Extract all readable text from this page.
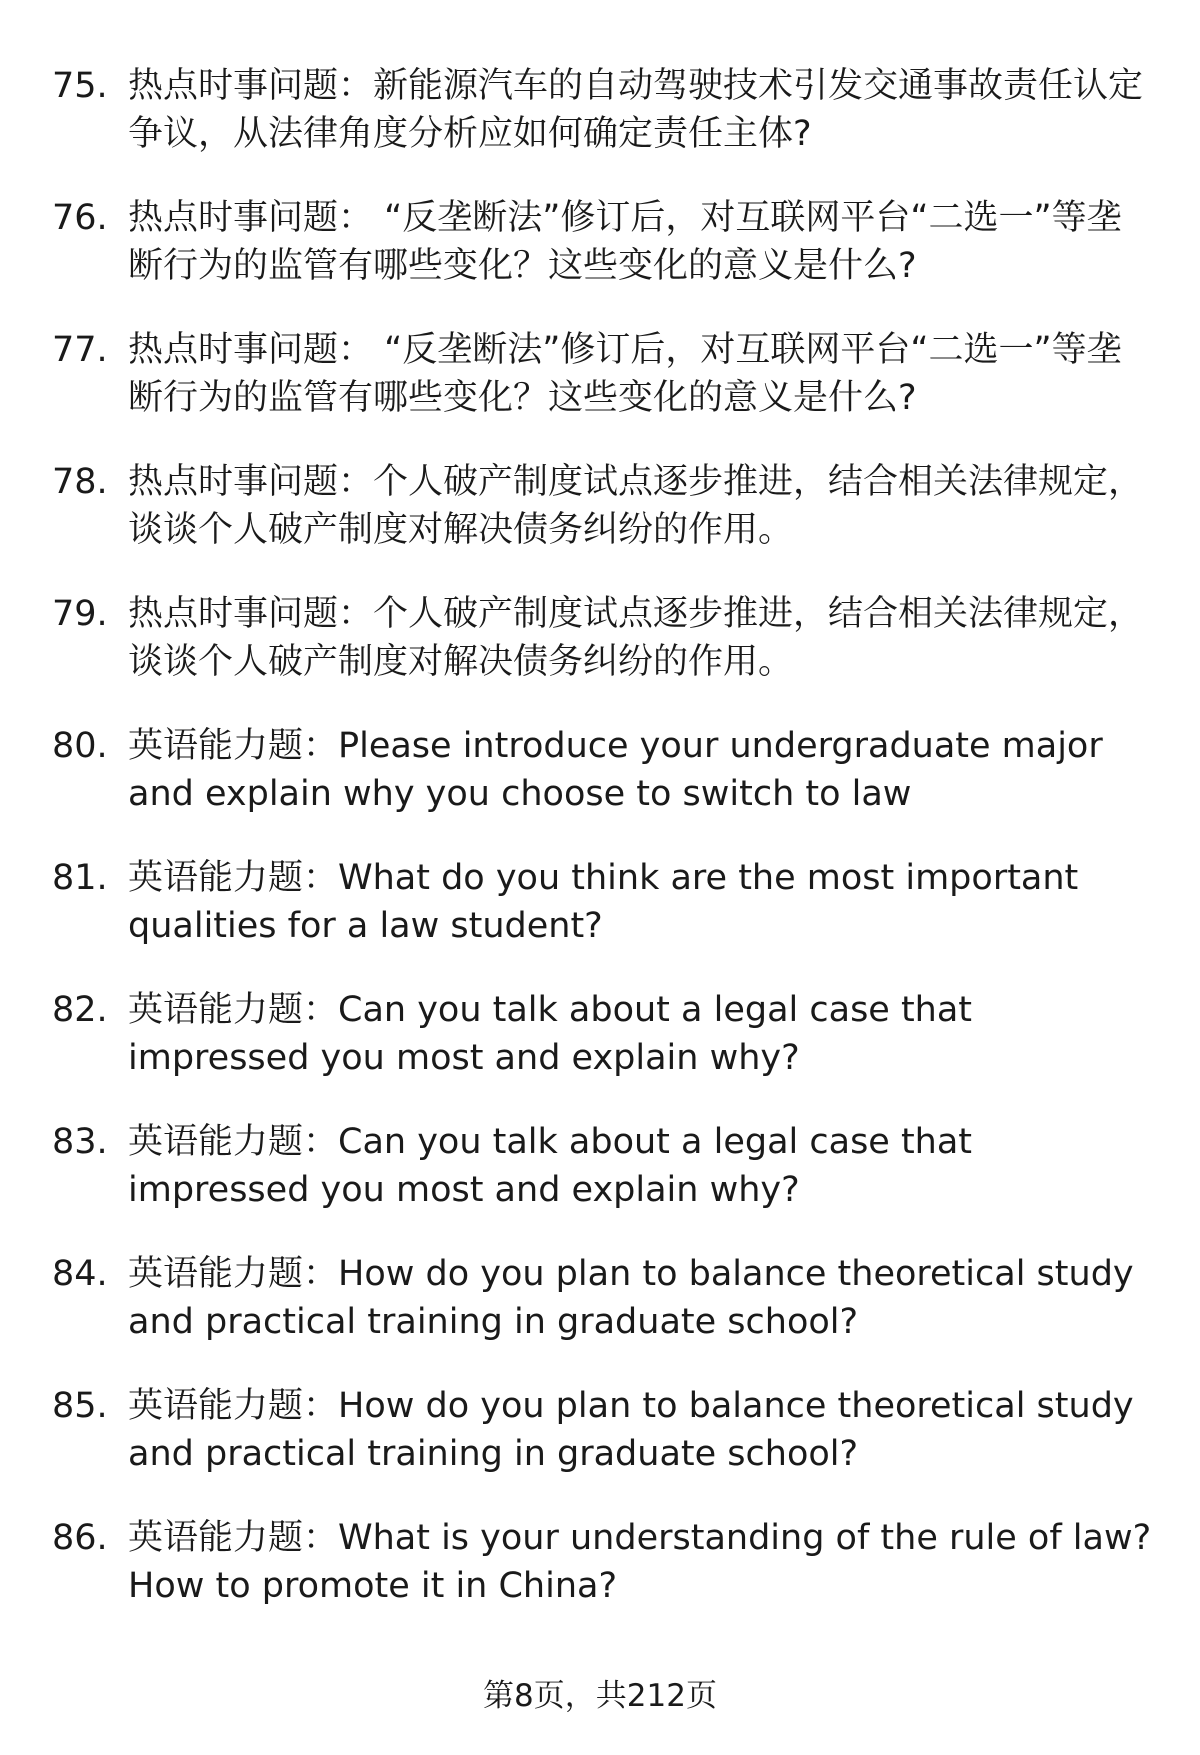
75. 热点时事问题：新能源汽车的自动驾驶技术引发交通事故责任认定争议，从法律角度分析应如何确定责任主体?
76. 热点时事问题： “反垄断法”修订后，对互联网平台“二选一”等垄断行为的监管有哪些变化？这些变化的意义是什么?
77. 热点时事问题： “反垄断法”修订后，对互联网平台“二选一”等垄断行为的监管有哪些变化？这些变化的意义是什么?
78. 热点时事问题：个人破产制度试点逐步推进，结合相关法律规定，谈谈个人破产制度对解决债务纠纷的作用。
79. 热点时事问题：个人破产制度试点逐步推进，结合相关法律规定，谈谈个人破产制度对解决债务纠纷的作用。
80. 英语能力题：Please introduce your undergraduate major and explain why you choose to switch to law
81. 英语能力题：What do you think are the most important qualities for a law student?
82. 英语能力题：Can you talk about a legal case that impressed you most and explain why?
83. 英语能力题：Can you talk about a legal case that impressed you most and explain why?
84. 英语能力题：How do you plan to balance theoretical study and practical training in graduate school?
85. 英语能力题：How do you plan to balance theoretical study and practical training in graduate school?
86. 英语能力题：What is your understanding of the rule of law? How to promote it in China?
第8页，共212页
